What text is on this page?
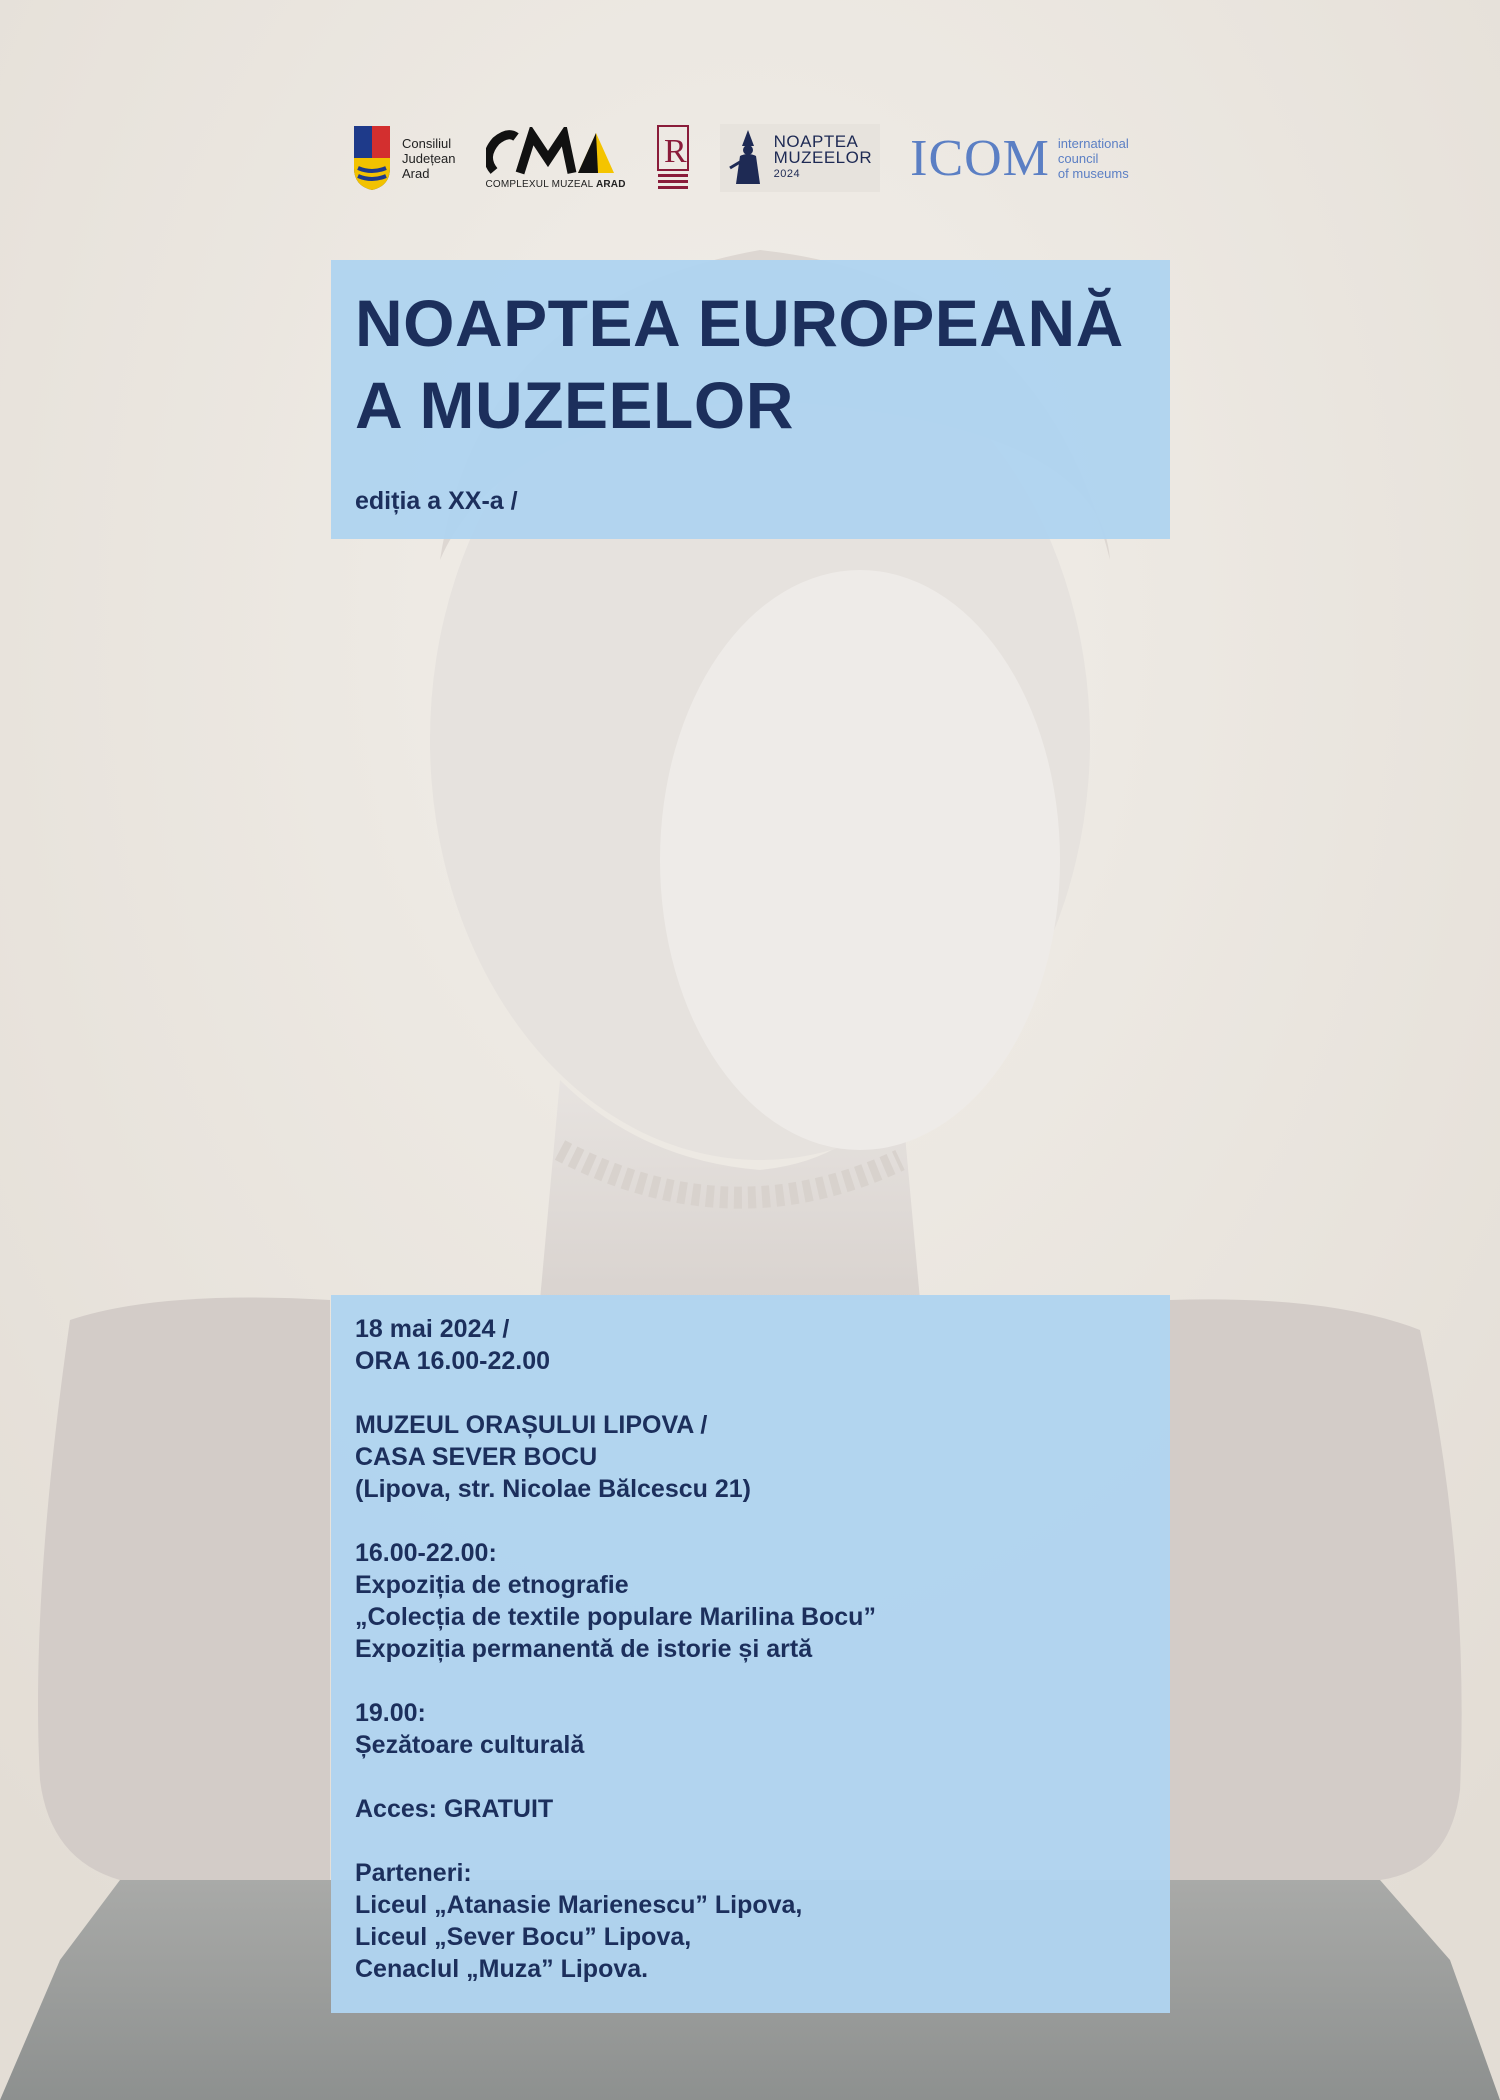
Consiliul
Județean
Arad
COMPLEXUL MUZEAL ARAD
R	NOAPTEA
MUZEELOR
2024	ICOM international
council
of museums
NOAPTEA EUROPEANĂ
A MUZEELOR
ediția a XX-a /
18 mai 2024 /
ORA 16.00-22.00
MUZEUL ORAȘULUI LIPOVA /
CASA SEVER BOCU
(Lipova, str. Nicolae Bălcescu 21)
16.00-22.00:
Expoziția de etnografie
„Colecția de textile populare Marilina Bocu”
Expoziția permanentă de istorie și artă
19.00:
Șezătoare culturală
Acces: GRATUIT
Parteneri:
Liceul „Atanasie Marienescu” Lipova,
Liceul „Sever Bocu” Lipova,
Cenaclul „Muza” Lipova.
